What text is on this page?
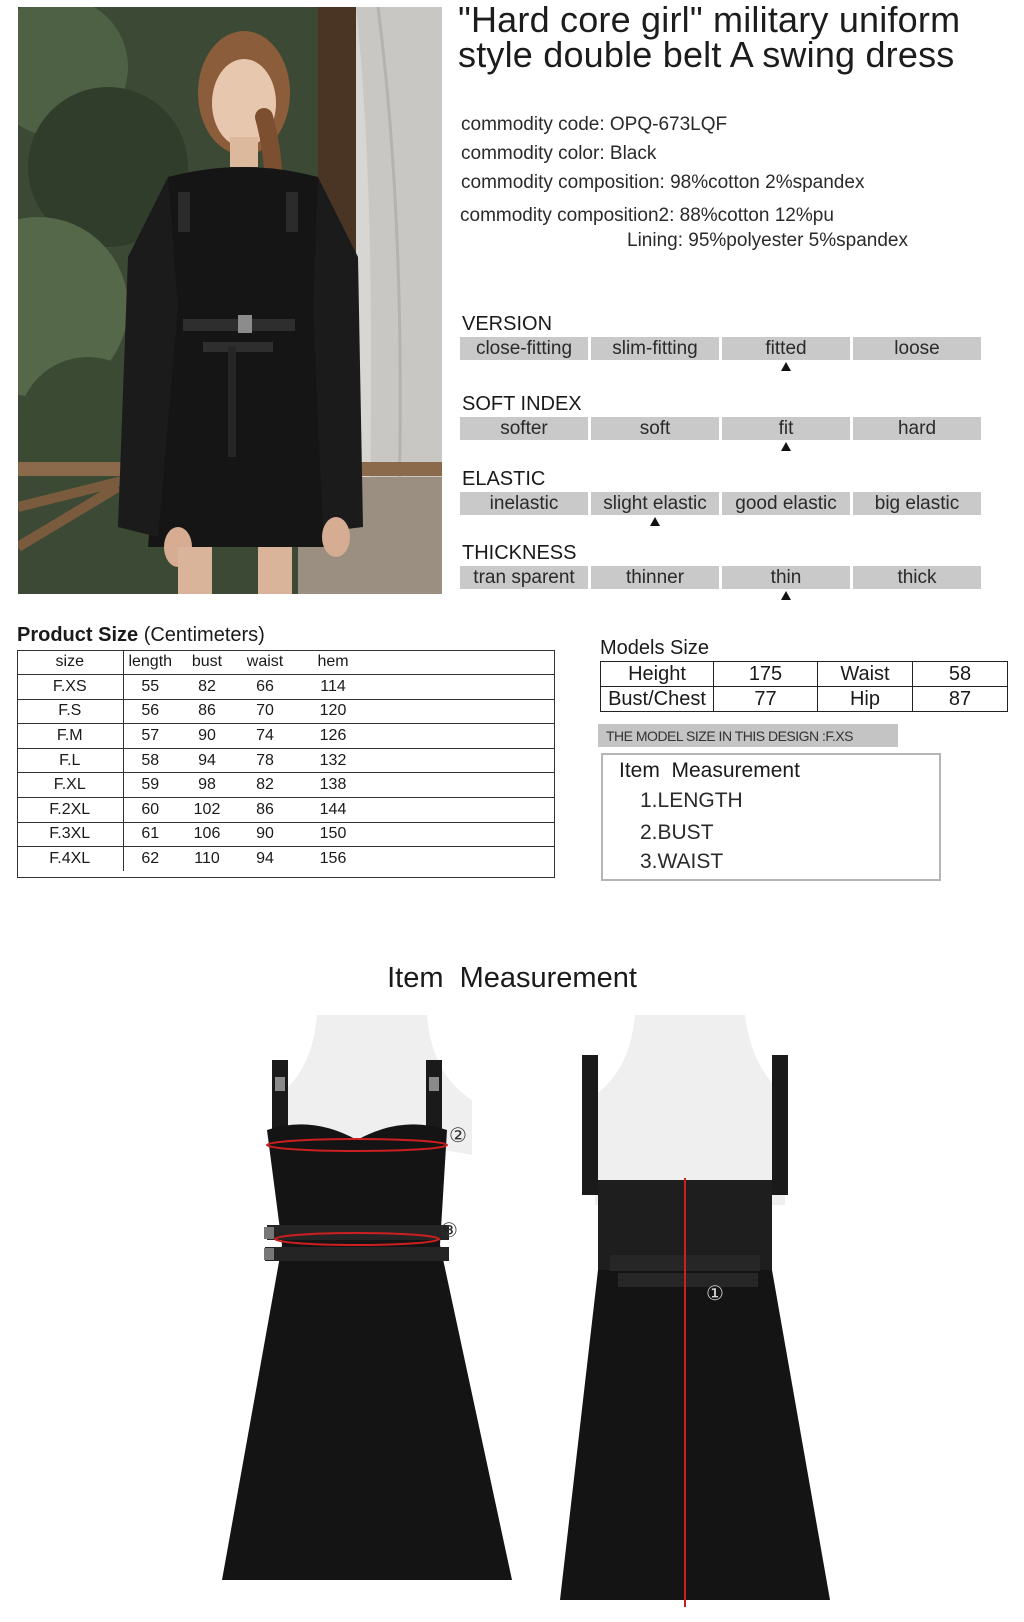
"Hard core girl" military uniform style double belt A swing dress
commodity code: OPQ-673LQF
commodity color: Black
commodity composition: 98%cotton 2%spandex
commodity composition2: 88%cotton 12%pu
Lining: 95%polyester 5%spandex
VERSION
close-fitting	slim-fitting	fitted	loose
SOFT INDEX
softer	soft	fit	hard
ELASTIC
inelastic	slight elastic	good elastic	big elastic
THICKNESS
tran sparent	thinner	thin	thick
Product Size (Centimeters)
size	length	bust	waist	hem	
F.XS	55	82	66	114	
F.S	56	86	70	120	
F.M	57	90	74	126	
F.L	58	94	78	132	
F.XL	59	98	82	138	
F.2XL	60	102	86	144	
F.3XL	61	106	90	150	
F.4XL	62	110	94	156	
Models Size
Height	175	Waist	58
Bust/Chest	77	Hip	87
THE MODEL SIZE IN THIS DESIGN :F.XS
Item  Measurement
1.LENGTH
2.BUST
3.WAIST
Item  Measurement
②
③
①
